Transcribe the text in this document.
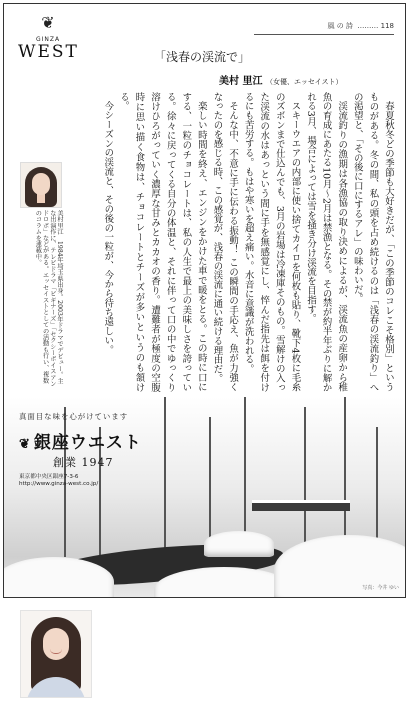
❦
GINZA
WEST
風 の 詩  ……… 118
「浅春の渓流で」
美村 里江 （女優、エッセイスト）

春夏秋冬どの季節も大好きだが、「この季節のコレこそ格別」というものがある。冬の間、私の頭を占め続けるのは「浅春の渓流釣り」への渇望と、「その後に口にするアレ」の味わいだ。

渓流釣りの漁期は各漁協の取り決めによるが、渓流魚の産卵から稚魚の育成にあたる10月～2月は禁漁となる。その禁が約半年ぶりに解かれる3月、場合によっては雪を掻き分け渓流を目指す。

スキーウエアの内部に使い捨てカイロを何枚も貼り、靴下4枚に毛糸のズボンまで仕込んでも、3月の岩場は冷凍庫そのもの。雪解けの入った渓流の水はあっという間に手を無感覚にし、悴んだ指先は餌を付けるにも苦労する。もはや寒いを超え痛い。水音に意識が洗われる。

そんな中、不意に手に伝わる振動！ この瞬間の手応え、魚が力強くなったのを感じる時、この感覚が、浅春の渓流に通い続ける理由だ。

楽しい時間を終え、エンジンをかけた車で暖をとる。この時に口にする、一粒のチョコレートは、私の人生で最上の美味しさを誇っている。徐々に戻ってくる自分の体温と、それに伴って口の中でゆっくり溶けひろがっていく濃厚な甘みとカカオの香り。遭難者が極度の空腹時に思い描く食物は、チョコレートとチーズが多いというのも頷ける。

今シーズンの渓流と、その後の一粒が、今から待ち遠しい。

美村里江　1984年埼玉県出身。2003年ドラマでデビュー。主な出演作に、テレビドラマ「ビギナーズ」「セクシーボイスアンドロボ」などがある。エッセイストとしての活動も行い、複数のコラムを連載中。
写真：今井 ゆい
真面目な味を心がけています
❦ 銀座ウエスト
創業 1947
東京都中央区銀座7-3-6
http://www.ginza-west.co.jp/
